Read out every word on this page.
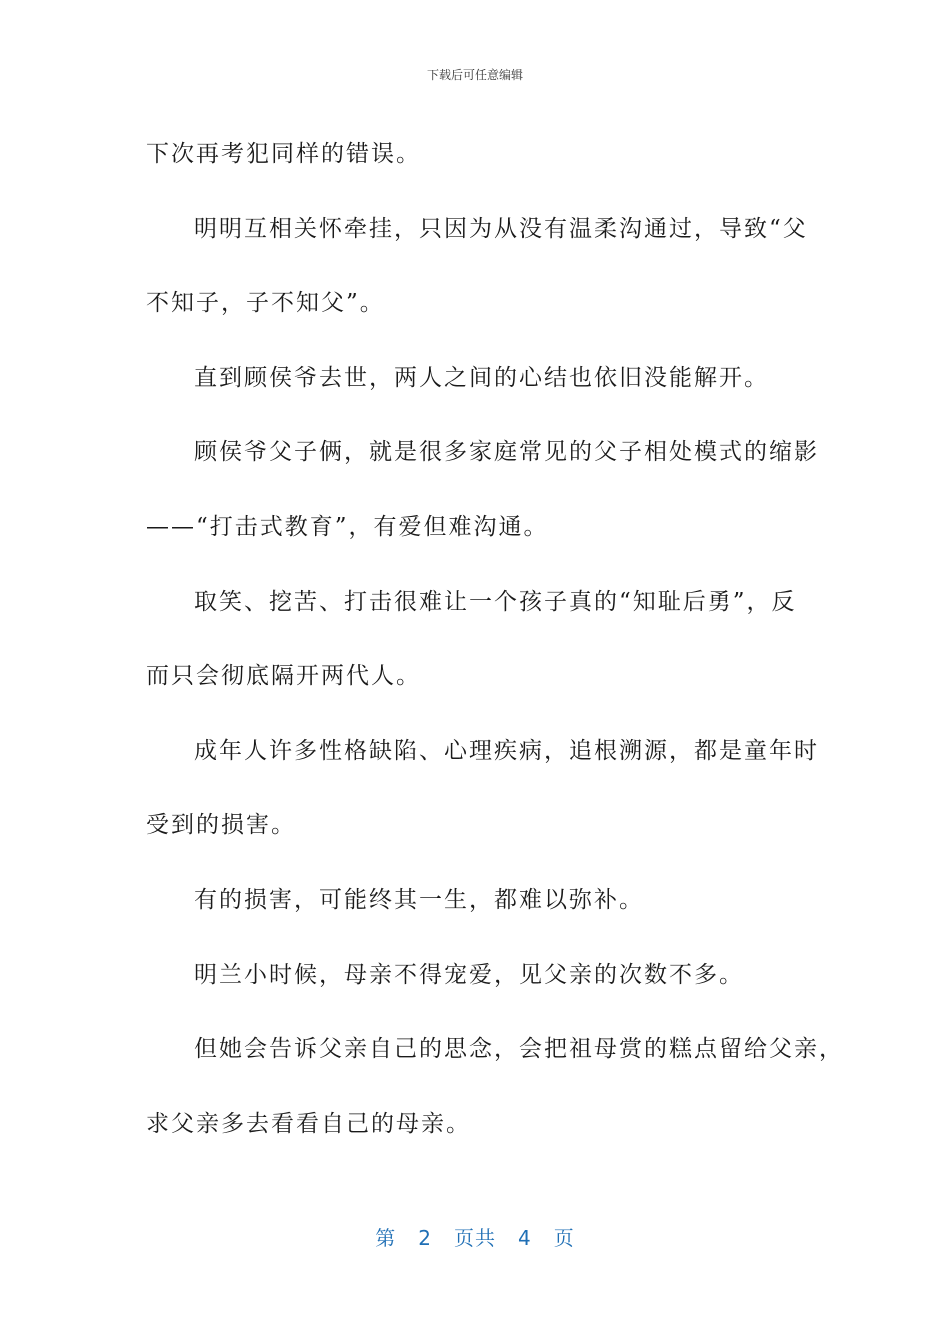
下载后可任意编辑

下次再考犯同样的错误。

明明互相关怀牵挂，只因为从没有温柔沟通过，导致“父

不知子，子不知父”。

直到顾侯爷去世，两人之间的心结也依旧没能解开。

顾侯爷父子俩，就是很多家庭常见的父子相处模式的缩影

——“打击式教育”，有爱但难沟通。

取笑、挖苦、打击很难让一个孩子真的“知耻后勇”，反

而只会彻底隔开两代人。

成年人许多性格缺陷、心理疾病，追根溯源，都是童年时

受到的损害。

有的损害，可能终其一生，都难以弥补。

明兰小时候，母亲不得宠爱，见父亲的次数不多。

但她会告诉父亲自己的思念，会把祖母赏的糕点留给父亲，

求父亲多去看看自己的母亲。

第 2 页共 4 页
